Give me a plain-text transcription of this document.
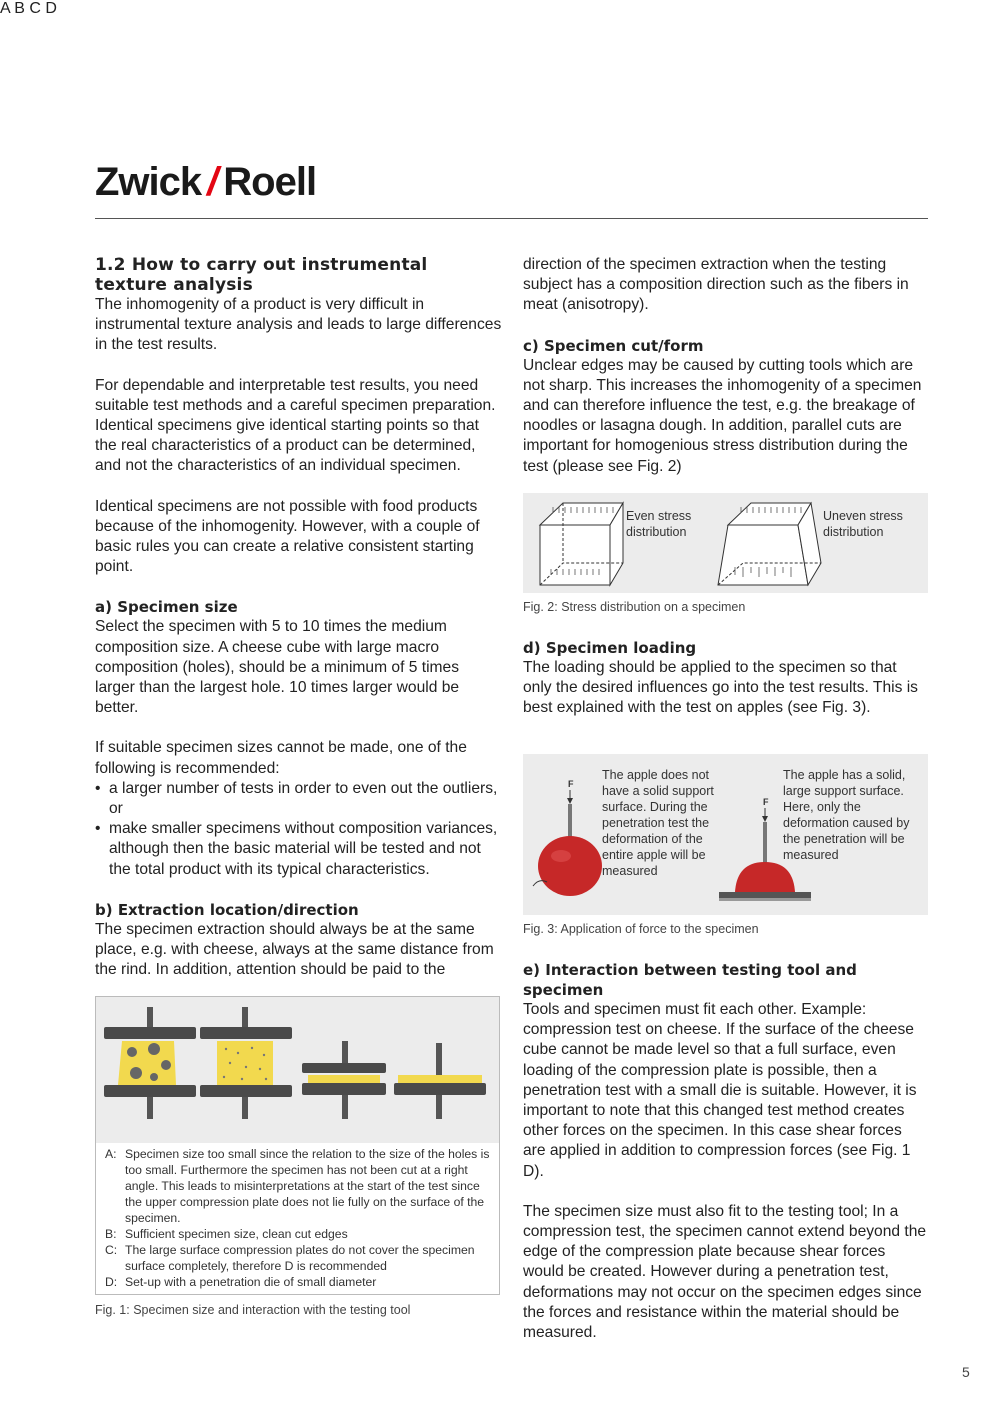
Zwick / Roell
1.2 How to carry out instrumental texture analysis

The inhomogenity of a product is very difficult in instrumental texture analysis and leads to large differences in the test results.

For dependable and interpretable test results, you need suitable test methods and a careful specimen preparation. Identical specimens give identical starting points so that the real characteristics of a product can be determined, and not the characteristics of an individual specimen.

Identical specimens are not possible with food products because of the inhomogenity. However, with a couple of basic rules you can create a relative consistent starting point.

a) Specimen size

Select the specimen with 5 to 10 times the medium composition size. A cheese cube with large macro composition (holes), should be a minimum of 5 times larger than the largest hole. 10 times larger would be better.

If suitable specimen sizes cannot be made, one of the following is recommended:

• a larger number of tests in order to even out the outliers, or
• make smaller specimens without composition variances, although then the basic material will be tested and not the total product with its typical characteristics.
b) Extraction location/direction

The specimen extraction should always be at the same place, e.g. with cheese, always at the same distance from the rind. In addition, attention should be paid to the

A: Specimen size too small since the relation to the size of the holes is too small. Furthermore the specimen has not been cut at a right angle. This leads to misinterpretations at the start of the test since the upper compression plate does not lie fully on the surface of the specimen.
B: Sufficient specimen size, clean cut edges
C: The large surface compression plates do not cover the specimen surface completely, therefore D is recommended
D: Set-up with a penetration die of small diameter
A B C D
Fig. 1: Specimen size and interaction with the testing tool

direction of the specimen extraction when the testing subject has a composition direction such as the fibers in meat (anisotropy).

c) Specimen cut/form

Unclear edges may be caused by cutting tools which are not sharp. This increases the inhomogenity of a specimen and can therefore influence the test, e.g. the breakage of noodles or lasagna dough. In addition, parallel cuts are important for homogenious stress distribution during the test (please see Fig. 2)

Even stress distribution
Uneven stress distribution
Fig. 2: Stress distribution on a specimen
d) Specimen loading

The loading should be applied to the specimen so that only the desired influences go into the test results. This is best explained with the test on apples (see Fig. 3).

F
F
The apple does not have a solid support surface. During the penetration test the deformation of the entire apple will be measured
The apple has a solid, large support surface. Here, only the deformation caused by the penetration will be measured
Fig. 3: Application of force to the specimen
e) Interaction between testing tool and specimen

Tools and specimen must fit each other. Example: compression test on cheese. If the surface of the cheese cube cannot be made level so that a full surface, even loading of the compression plate is possible, then a penetration test with a small die is suitable. However, it is important to note that this changed test method creates other forces on the specimen. In this case shear forces are applied in addition to compression forces (see Fig. 1 D).

The specimen size must also fit to the testing tool; In a compression test, the specimen cannot extend beyond the edge of the compression plate because shear forces would be created. However during a penetration test, deformations may not occur on the specimen edges since the forces and resistance within the material should be measured.

5
